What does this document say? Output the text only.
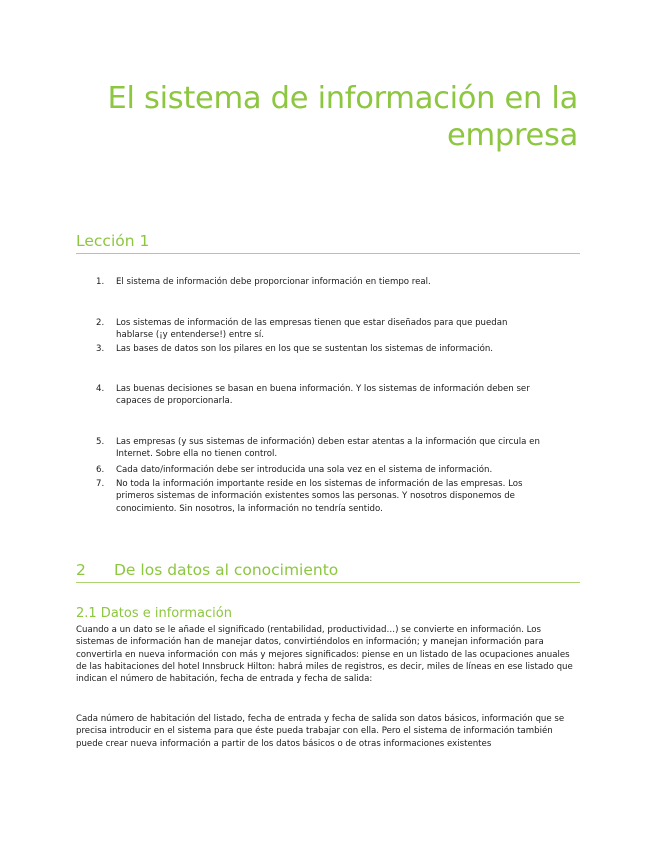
El sistema de información en la
empresa
Lección 1
1. El sistema de información debe proporcionar información en tiempo real.
2. Los sistemas de información de las empresas tienen que estar diseñados para que puedan hablarse (¡y entenderse!) entre sí.
3. Las bases de datos son los pilares en los que se sustentan los sistemas de información.
4. Las buenas decisiones se basan en buena información. Y los sistemas de información deben ser capaces de proporcionarla.
5. Las empresas (y sus sistemas de información) deben estar atentas a la información que circula en Internet. Sobre ella no tienen control.
6. Cada dato/información debe ser introducida una sola vez en el sistema de información.
7. No toda la información importante reside en los sistemas de información de las empresas. Los primeros sistemas de información existentes somos las personas. Y nosotros disponemos de conocimiento. Sin nosotros, la información no tendría sentido.
2 De los datos al conocimiento
2.1 Datos e información
Cuando a un dato se le añade el significado (rentabilidad, productividad…) se convierte en información. Los sistemas de información han de manejar datos, convirtiéndolos en información; y manejan información para convertirla en nueva información con más y mejores significados: piense en un listado de las ocupaciones anuales de las habitaciones del hotel Innsbruck Hilton: habrá miles de registros, es decir, miles de líneas en ese listado que indican el número de habitación, fecha de entrada y fecha de salida:
Cada número de habitación del listado, fecha de entrada y fecha de salida son datos básicos, información que se precisa introducir en el sistema para que éste pueda trabajar con ella. Pero el sistema de información también puede crear nueva información a partir de los datos básicos o de otras informaciones existentes
